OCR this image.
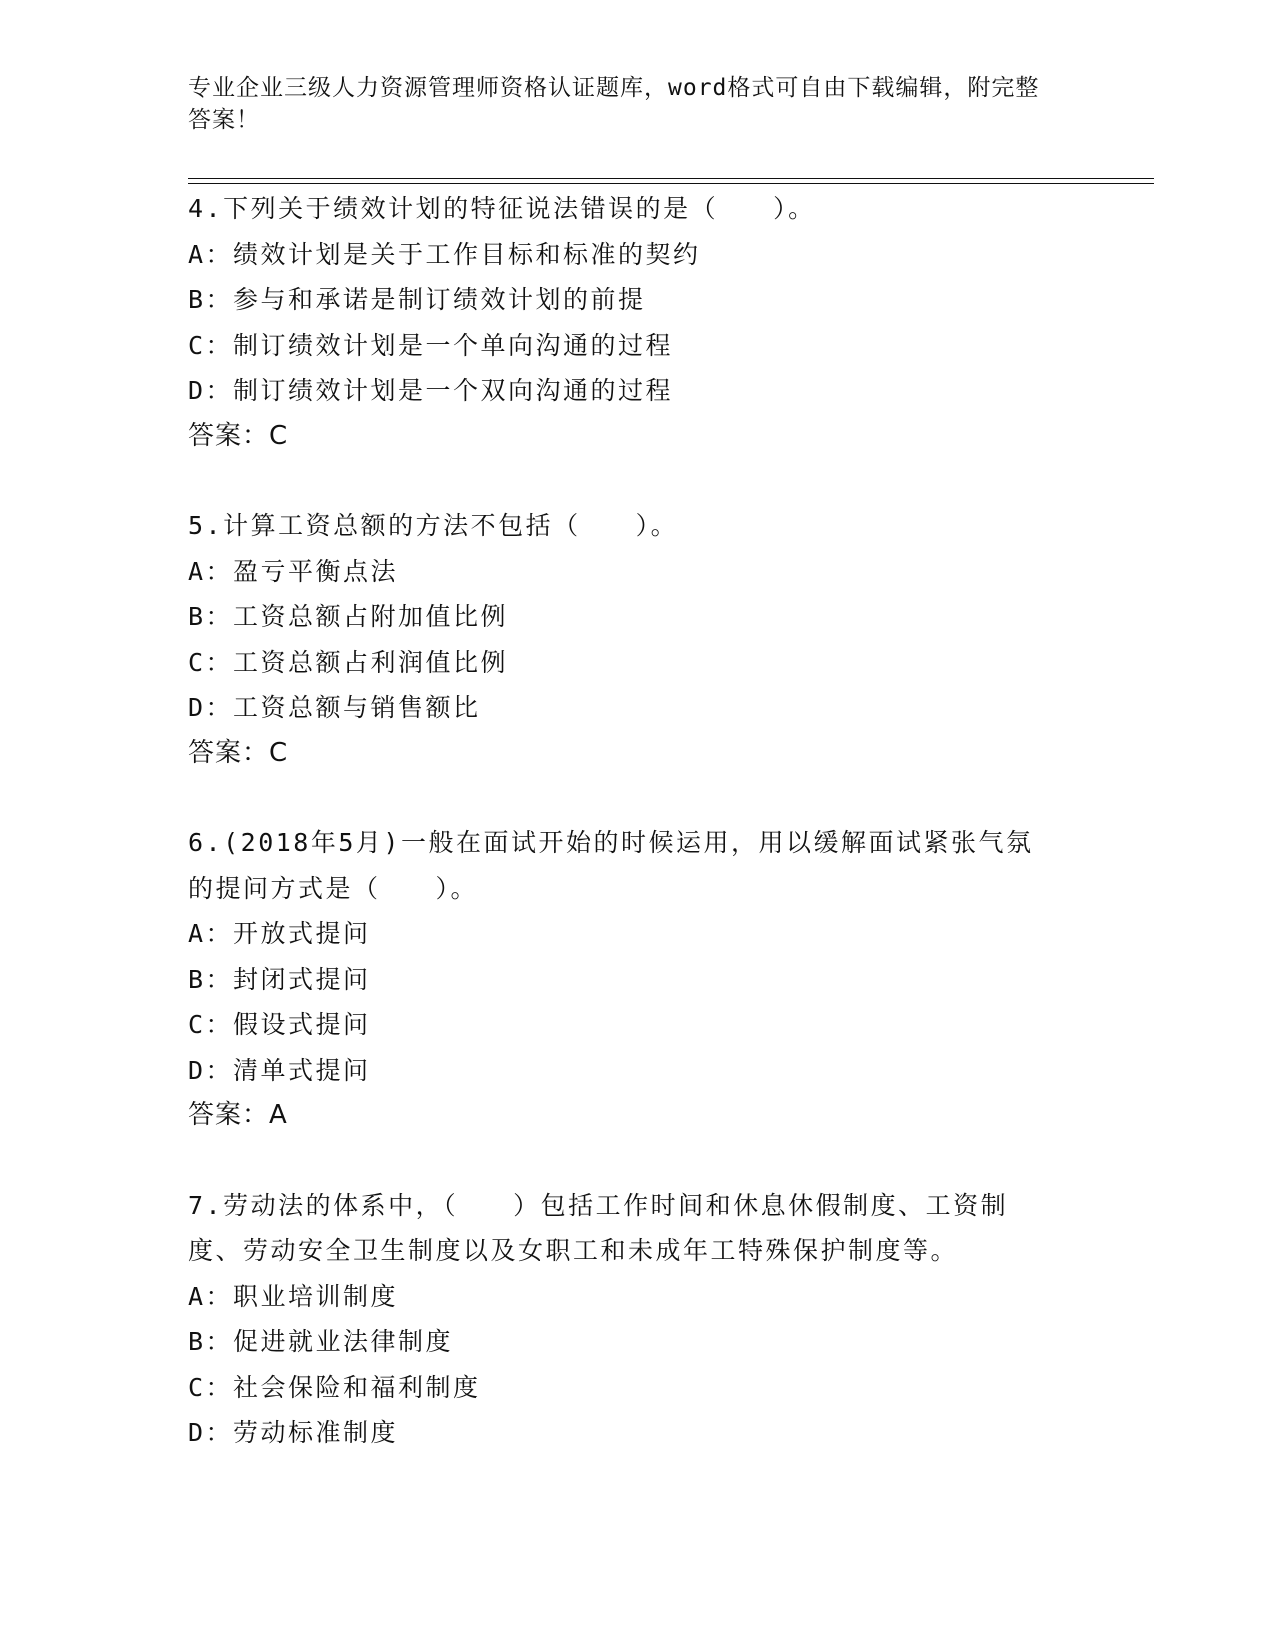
专业企业三级人力资源管理师资格认证题库，word格式可自由下载编辑，附完整
答案！

4.下列关于绩效计划的特征说法错误的是（　　）。

A：绩效计划是关于工作目标和标准的契约

B：参与和承诺是制订绩效计划的前提

C：制订绩效计划是一个单向沟通的过程

D：制订绩效计划是一个双向沟通的过程

答案：C

5.计算工资总额的方法不包括（　　）。

A：盈亏平衡点法

B：工资总额占附加值比例

C：工资总额占利润值比例

D：工资总额与销售额比

答案：C

6.(2018年5月)一般在面试开始的时候运用，用以缓解面试紧张气氛

的提问方式是（　　）。

A：开放式提问

B：封闭式提问

C：假设式提问

D：清单式提问

答案：A

7.劳动法的体系中，（　　）包括工作时间和休息休假制度、工资制

度、劳动安全卫生制度以及女职工和未成年工特殊保护制度等。

A：职业培训制度

B：促进就业法律制度

C：社会保险和福利制度

D：劳动标准制度
